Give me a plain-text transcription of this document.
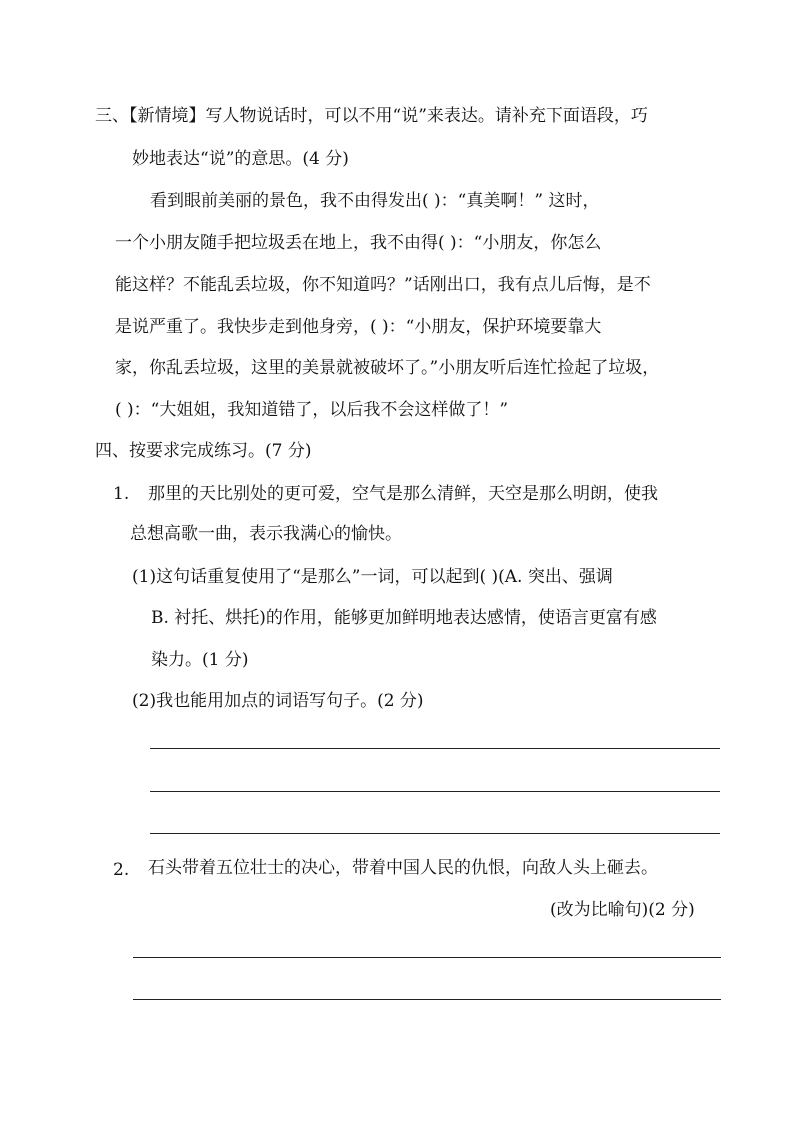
三、【新情境】写人物说话时，可以不用“说”来表达。请补充下面语段，巧
妙地表达“说”的意思。(4 分)
看到眼前美丽的景色，我不由得发出( )：“真美啊！” 这时，
一个小朋友随手把垃圾丢在地上，我不由得( )：“小朋友，你怎么
能这样？不能乱丢垃圾，你不知道吗？”话刚出口，我有点儿后悔，是不
是说严重了。我快步走到他身旁，( )：“小朋友，保护环境要靠大
家，你乱丢垃圾，这里的美景就被破坏了。”小朋友听后连忙捡起了垃圾，
( )：“大姐姐，我知道错了，以后我不会这样做了！”
四、按要求完成练习。(7 分)
1. 那里的天比别处的更可爱，空气是那么清鲜，天空是那么明朗，使我
总想高歌一曲，表示我满心的愉快。
(1)这句话重复使用了“是那么”一词，可以起到( )(A. 突出、强调
B. 衬托、烘托)的作用，能够更加鲜明地表达感情，使语言更富有感
染力。(1 分)
(2)我也能用加点的词语写句子。(2 分)
2. 石头带着五位壮士的决心，带着中国人民的仇恨，向敌人头上砸去。
(改为比喻句)(2 分)
